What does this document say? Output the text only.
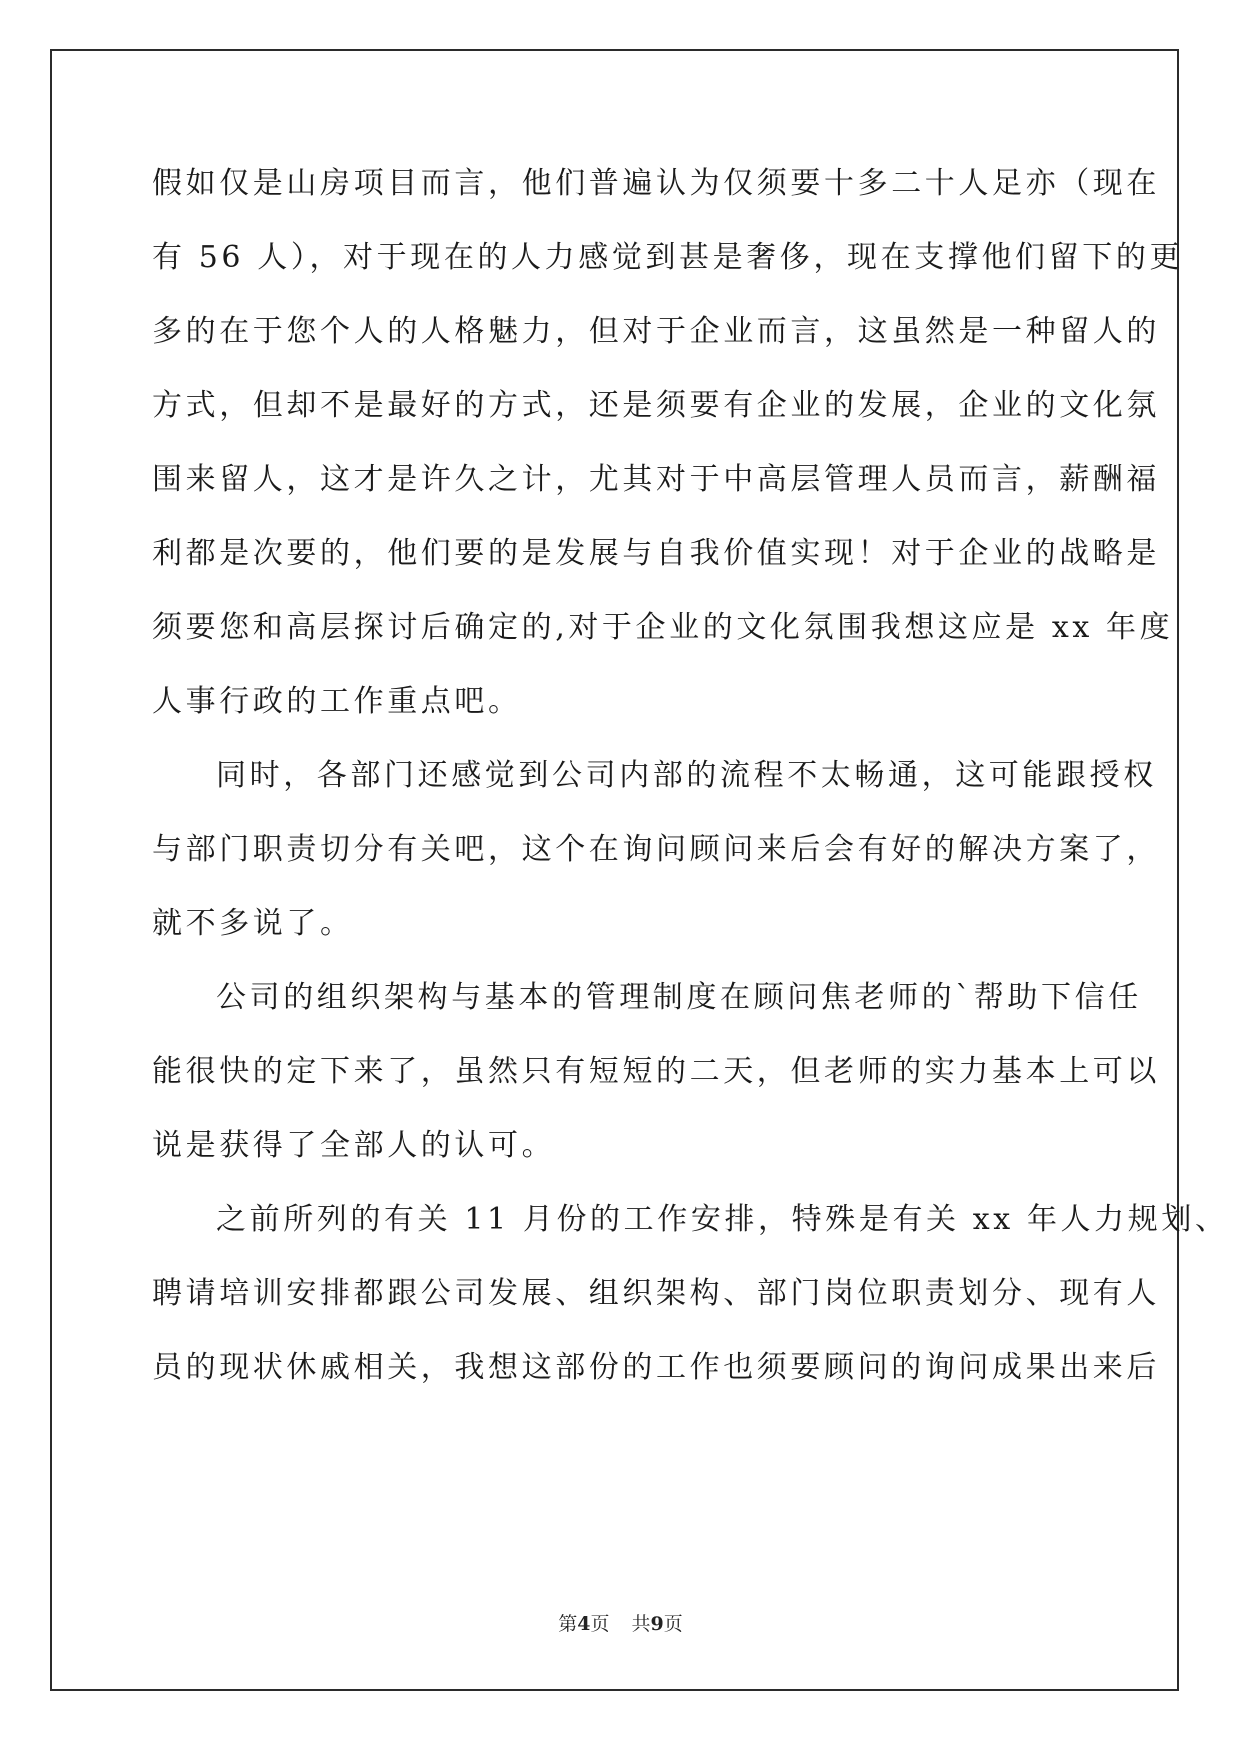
假如仅是山房项目而言，他们普遍认为仅须要十多二十人足亦（现在
有 56 人），对于现在的人力感觉到甚是奢侈，现在支撑他们留下的更
多的在于您个人的人格魅力，但对于企业而言，这虽然是一种留人的
方式，但却不是最好的方式，还是须要有企业的发展，企业的文化氛
围来留人，这才是许久之计，尤其对于中高层管理人员而言，薪酬福
利都是次要的，他们要的是发展与自我价值实现！对于企业的战略是
须要您和高层探讨后确定的,对于企业的文化氛围我想这应是 xx 年度
人事行政的工作重点吧。
同时，各部门还感觉到公司内部的流程不太畅通，这可能跟授权
与部门职责切分有关吧，这个在询问顾问来后会有好的解决方案了，
就不多说了。
公司的组织架构与基本的管理制度在顾问焦老师的`帮助下信任
能很快的定下来了，虽然只有短短的二天，但老师的实力基本上可以
说是获得了全部人的认可。
之前所列的有关 11 月份的工作安排，特殊是有关 xx 年人力规划、
聘请培训安排都跟公司发展、组织架构、部门岗位职责划分、现有人
员的现状休戚相关，我想这部份的工作也须要顾问的询问成果出来后
第4页 共9页
